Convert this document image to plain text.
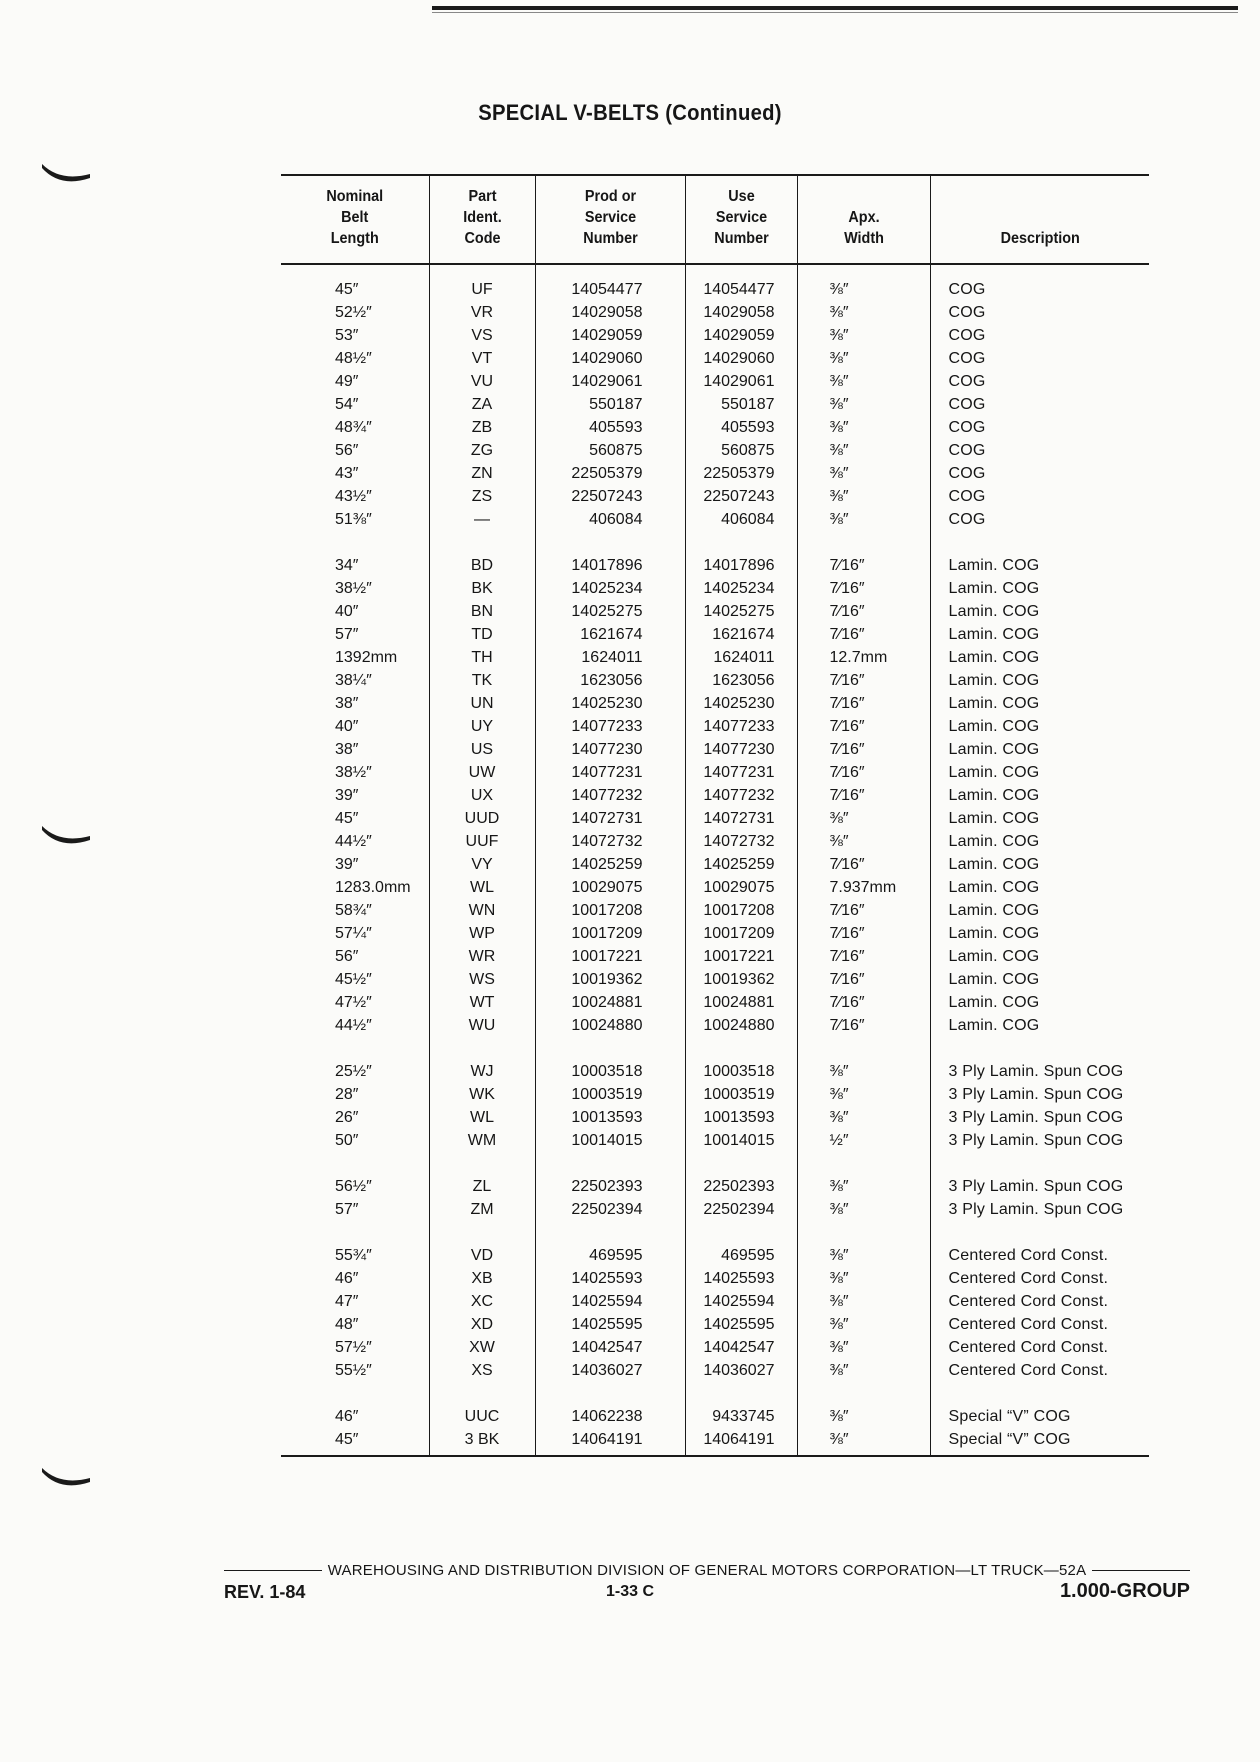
SPECIAL V-BELTS (Continued)
Nominal
Belt
Length	Part
Ident.
Code	Prod or
Service
Number	Use
Service
Number	Apx.
Width	Description

45″	UF	14054477	14054477	⅜″	COG
52½″	VR	14029058	14029058	⅜″	COG
53″	VS	14029059	14029059	⅜″	COG
48½″	VT	14029060	14029060	⅜″	COG
49″	VU	14029061	14029061	⅜″	COG
54″	ZA	550187	550187	⅜″	COG
48¾″	ZB	405593	405593	⅜″	COG
56″	ZG	560875	560875	⅜″	COG
43″	ZN	22505379	22505379	⅜″	COG
43½″	ZS	22507243	22507243	⅜″	COG
51⅜″	—	406084	406084	⅜″	COG

34″	BD	14017896	14017896	7⁄16″	Lamin. COG
38½″	BK	14025234	14025234	7⁄16″	Lamin. COG
40″	BN	14025275	14025275	7⁄16″	Lamin. COG
57″	TD	1621674	1621674	7⁄16″	Lamin. COG
1392mm	TH	1624011	1624011	12.7mm	Lamin. COG
38¼″	TK	1623056	1623056	7⁄16″	Lamin. COG
38″	UN	14025230	14025230	7⁄16″	Lamin. COG
40″	UY	14077233	14077233	7⁄16″	Lamin. COG
38″	US	14077230	14077230	7⁄16″	Lamin. COG
38½″	UW	14077231	14077231	7⁄16″	Lamin. COG
39″	UX	14077232	14077232	7⁄16″	Lamin. COG
45″	UUD	14072731	14072731	⅜″	Lamin. COG
44½″	UUF	14072732	14072732	⅜″	Lamin. COG
39″	VY	14025259	14025259	7⁄16″	Lamin. COG
1283.0mm	WL	10029075	10029075	7.937mm	Lamin. COG
58¾″	WN	10017208	10017208	7⁄16″	Lamin. COG
57¼″	WP	10017209	10017209	7⁄16″	Lamin. COG
56″	WR	10017221	10017221	7⁄16″	Lamin. COG
45½″	WS	10019362	10019362	7⁄16″	Lamin. COG
47½″	WT	10024881	10024881	7⁄16″	Lamin. COG
44½″	WU	10024880	10024880	7⁄16″	Lamin. COG

25½″	WJ	10003518	10003518	⅜″	3 Ply Lamin. Spun COG
28″	WK	10003519	10003519	⅜″	3 Ply Lamin. Spun COG
26″	WL	10013593	10013593	⅜″	3 Ply Lamin. Spun COG
50″	WM	10014015	10014015	½″	3 Ply Lamin. Spun COG

56½″	ZL	22502393	22502393	⅜″	3 Ply Lamin. Spun COG
57″	ZM	22502394	22502394	⅜″	3 Ply Lamin. Spun COG

55¾″	VD	469595	469595	⅜″	Centered Cord Const.
46″	XB	14025593	14025593	⅜″	Centered Cord Const.
47″	XC	14025594	14025594	⅜″	Centered Cord Const.
48″	XD	14025595	14025595	⅜″	Centered Cord Const.
57½″	XW	14042547	14042547	⅜″	Centered Cord Const.
55½″	XS	14036027	14036027	⅜″	Centered Cord Const.

46″	UUC	14062238	9433745	⅜″	Special “V” COG
45″	3 BK	14064191	14064191	⅜″	Special “V” COG
WAREHOUSING AND DISTRIBUTION DIVISION OF GENERAL MOTORS CORPORATION—LT TRUCK—52A
REV. 1-84	1-33 C	1.000-GROUP
